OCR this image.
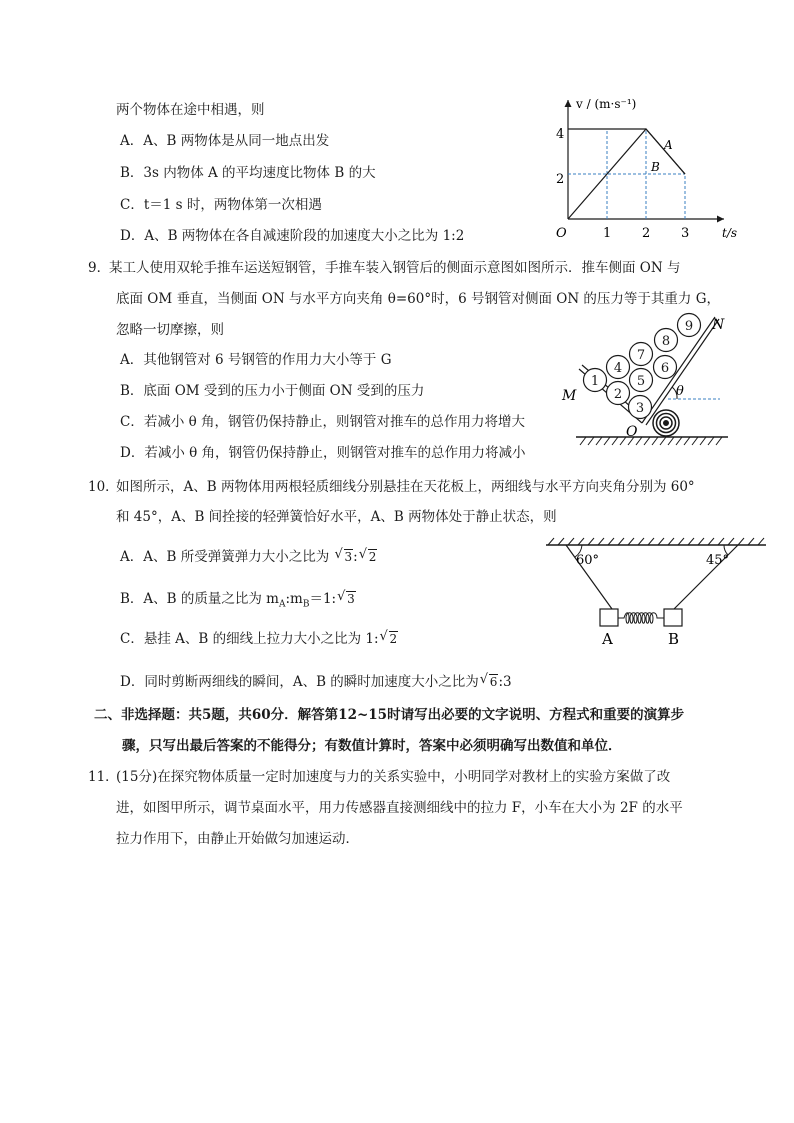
两个物体在途中相遇，则
A．A、B 两物体是从同一地点出发
B．3s 内物体 A 的平均速度比物体 B 的大
C．t＝1 s 时，两物体第一次相遇
D．A、B 两物体在各自减速阶段的加速度大小之比为 1:2
v / (m·s⁻¹)
t/s
O
4
2
1 2 3
A
B
9．
某工人使用双轮手推车运送短钢管，手推车装入钢管后的侧面示意图如图所示．推车侧面 ON 与
底面 OM 垂直，当侧面 ON 与水平方向夹角 θ=60°时，6 号钢管对侧面 ON 的压力等于其重力 G，
忽略一切摩擦，则
A．其他钢管对 6 号钢管的作用力大小等于 G
B．底面 OM 受到的压力小于侧面 ON 受到的压力
C．若减小 θ 角，钢管仍保持静止，则钢管对推车的总作用力将增大
D．若减小 θ 角，钢管仍保持静止，则钢管对推车的总作用力将减小
θ
1
2
3
4
5
6
7
8
9
M
N
O
10．
如图所示，A、B 两物体用两根轻质细线分别悬挂在天花板上，两细线与水平方向夹角分别为 60°
和 45°，A、B 间拴接的轻弹簧恰好水平，A、B 两物体处于静止状态，则
A．A、B 所受弹簧弹力大小之比为 √ 3:√ 2
B．A、B 的质量之比为 $m_A:m_B=1:√$ 3
C．悬挂 A、B 的细线上拉力大小之比为 1:√ 2
D．同时剪断两细线的瞬间，A、B 的瞬时加速度大小之比为√ 6:3
60°	45°
A	B
二、非选择题：共5题，共60分．解答第12~15时请写出必要的文字说明、方程式和重要的演算步
骤，只写出最后答案的不能得分；有数值计算时，答案中必须明确写出数值和单位．
11．
(15分)在探究物体质量一定时加速度与力的关系实验中，小明同学对教材上的实验方案做了改
进，如图甲所示，调节桌面水平，用力传感器直接测细线中的拉力 F，小车在大小为 2F 的水平
拉力作用下，由静止开始做匀加速运动．
